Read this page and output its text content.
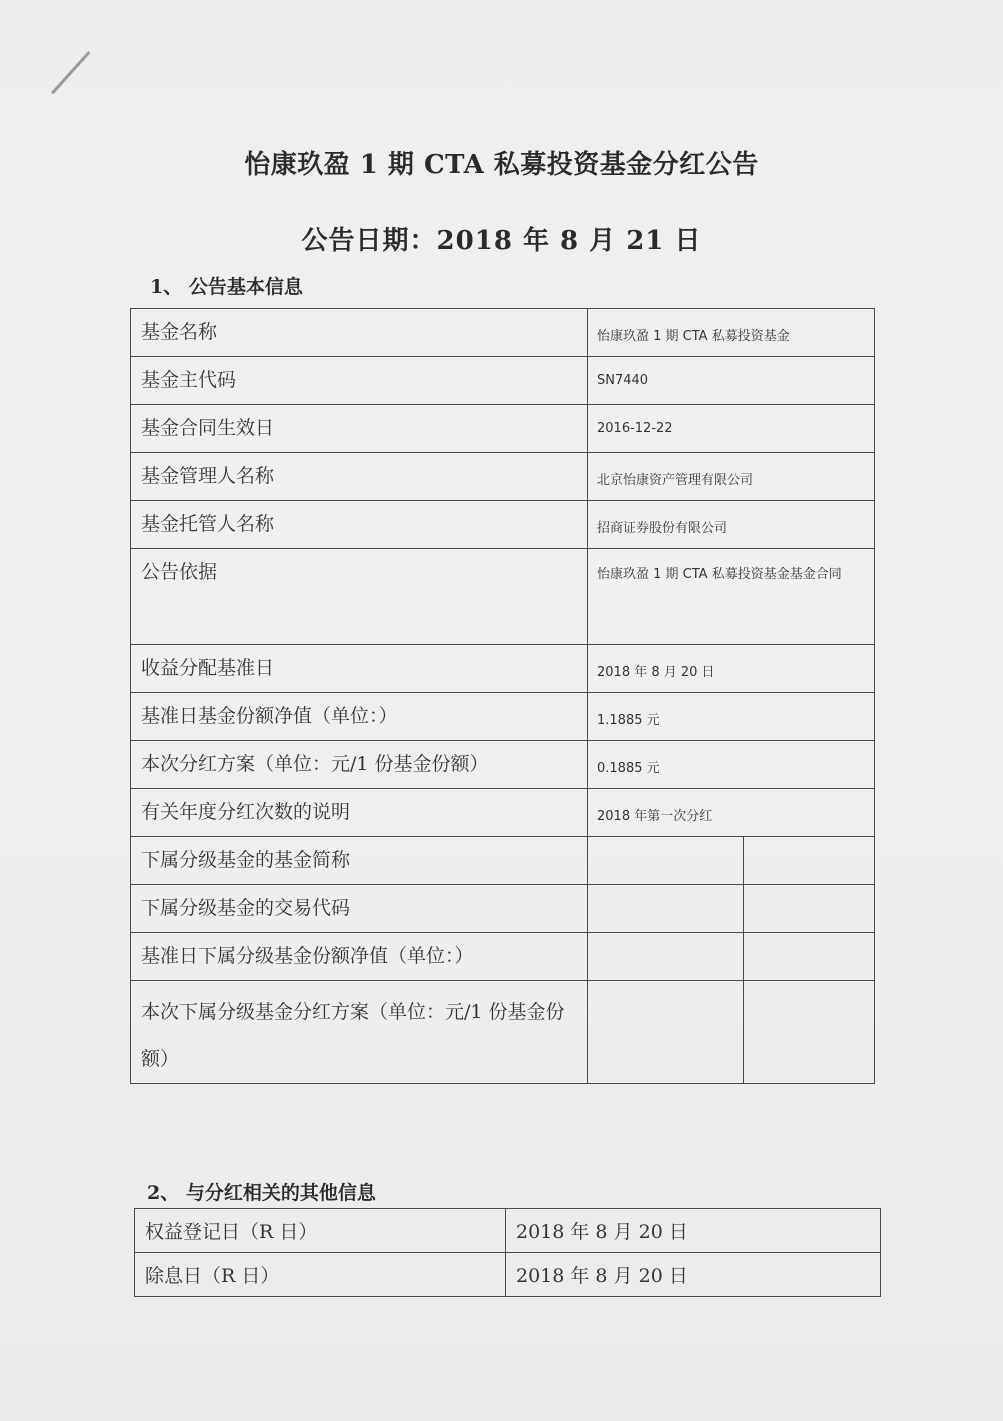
怡康玖盈 1 期 CTA 私募投资基金分红公告
公告日期：2018 年 8 月 21 日
1、 公告基本信息
基金名称	怡康玖盈 1 期 CTA 私募投资基金	
基金主代码	SN7440	
基金合同生效日	2016-12-22	
基金管理人名称	北京怡康资产管理有限公司	
基金托管人名称	招商证券股份有限公司	
公告依据	怡康玖盈 1 期 CTA 私募投资基金基金合同	
收益分配基准日	2018 年 8 月 20 日	
基准日基金份额净值（单位：）	1.1885 元	
本次分红方案（单位：元/1 份基金份额）	0.1885 元	
有关年度分红次数的说明	2018 年第一次分红	
下属分级基金的基金简称		
下属分级基金的交易代码		
基准日下属分级基金份额净值（单位：）		
本次下属分级基金分红方案（单位：元/1 份基金份额）		
2、 与分红相关的其他信息
权益登记日（R 日）	2018 年 8 月 20 日
除息日（R 日）	2018 年 8 月 20 日
